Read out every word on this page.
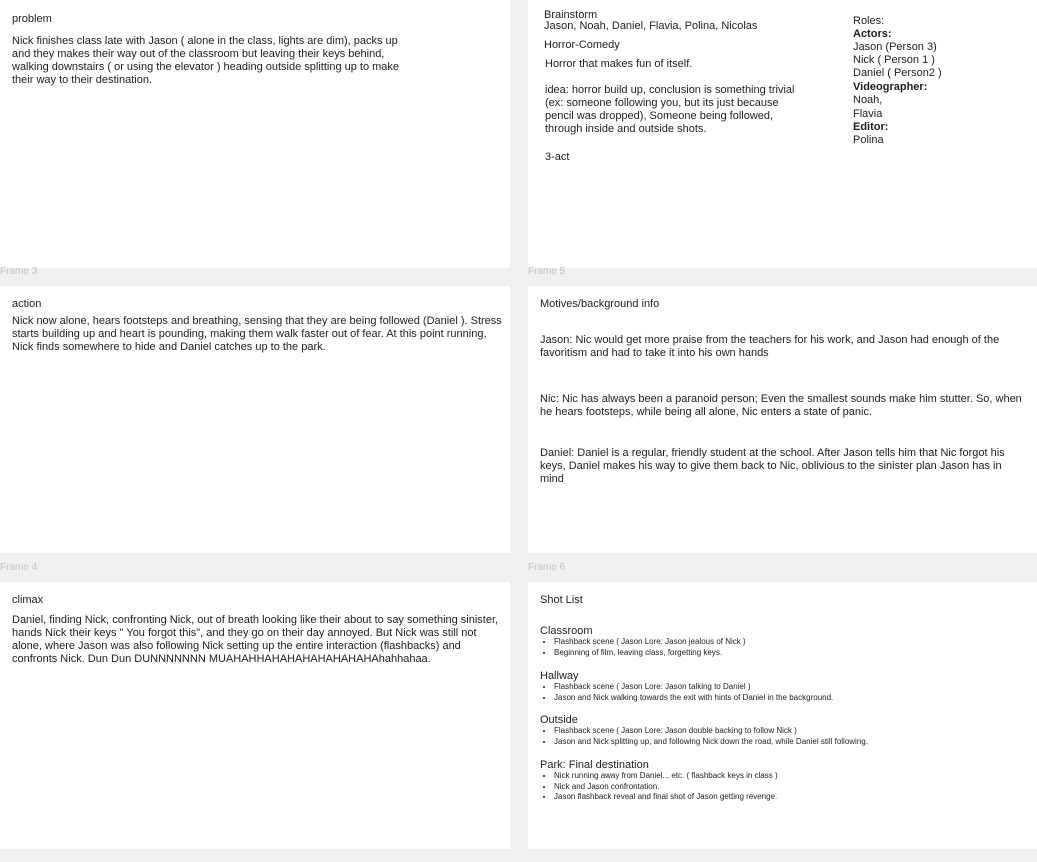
problem
Nick finishes class late with Jason ( alone in the class, lights are dim), packs up and they makes their way out of the classroom but leaving their keys behind, walking downstairs ( or using the elevator ) heading outside splitting up to make their way to their destination.
Brainstorm
Jason, Noah, Daniel, Flavia, Polina, Nicolas
Horror-Comedy
Horror that makes fun of itself.
idea: horror build up, conclusion is something trivial (ex: someone following you, but its just because pencil was dropped), Someone being followed, through inside and outside shots.
3-act
Roles:
Actors:
Jason (Person 3)
Nick ( Person 1 )
Daniel ( Person2 )
Videographer:
Noah,
Flavia
Editor:
Polina
Frame 3	Frame 5
action
Nick now alone, hears footsteps and breathing, sensing that they are being followed (Daniel ). Stress starts building up and heart is pounding, making them walk faster out of fear. At this point running, Nick finds somewhere to hide and Daniel catches up to the park.
Motives/background info
Jason: Nic would get more praise from the teachers for his work, and Jason had enough of the favoritism and had to take it into his own hands
Nic: Nic has always been a paranoid person; Even the smallest sounds make him stutter. So, when he hears footsteps, while being all alone, Nic enters a state of panic.
Daniel: Daniel is a regular, friendly student at the school. After Jason tells him that Nic forgot his keys, Daniel makes his way to give them back to Nic, oblivious to the sinister plan Jason has in mind
Frame 4	Frame 6
climax
Daniel, finding Nick, confronting Nick, out of breath looking like their about to say something sinister, hands Nick their keys " You forgot this", and they go on their day annoyed. But Nick was still not alone, where Jason was also following Nick setting up the entire interaction (flashbacks) and confronts Nick. Dun Dun DUNNNNNNN MUAHAHHAHAHAHAHAHAHAHAhahhahaa.
Shot List
Classroom
• Flashback scene ( Jason Lore: Jason jealous of Nick )
• Beginning of film, leaving class, forgetting keys.
Hallway
• Flashback scene ( Jason Lore: Jason talking to Daniel )
• Jason and Nick walking towards the exit with hints of Daniel in the background.
Outside
• Flashback scene ( Jason Lore: Jason double backing to follow Nick )
• Jason and Nick splitting up, and following Nick down the road, while Daniel still following.
Park: Final destination
• Nick running away from Daniel... etc. ( flashback keys in class )
• Nick and Jason confrontation.
• Jason flashback reveal and final shot of Jason getting revenge.
